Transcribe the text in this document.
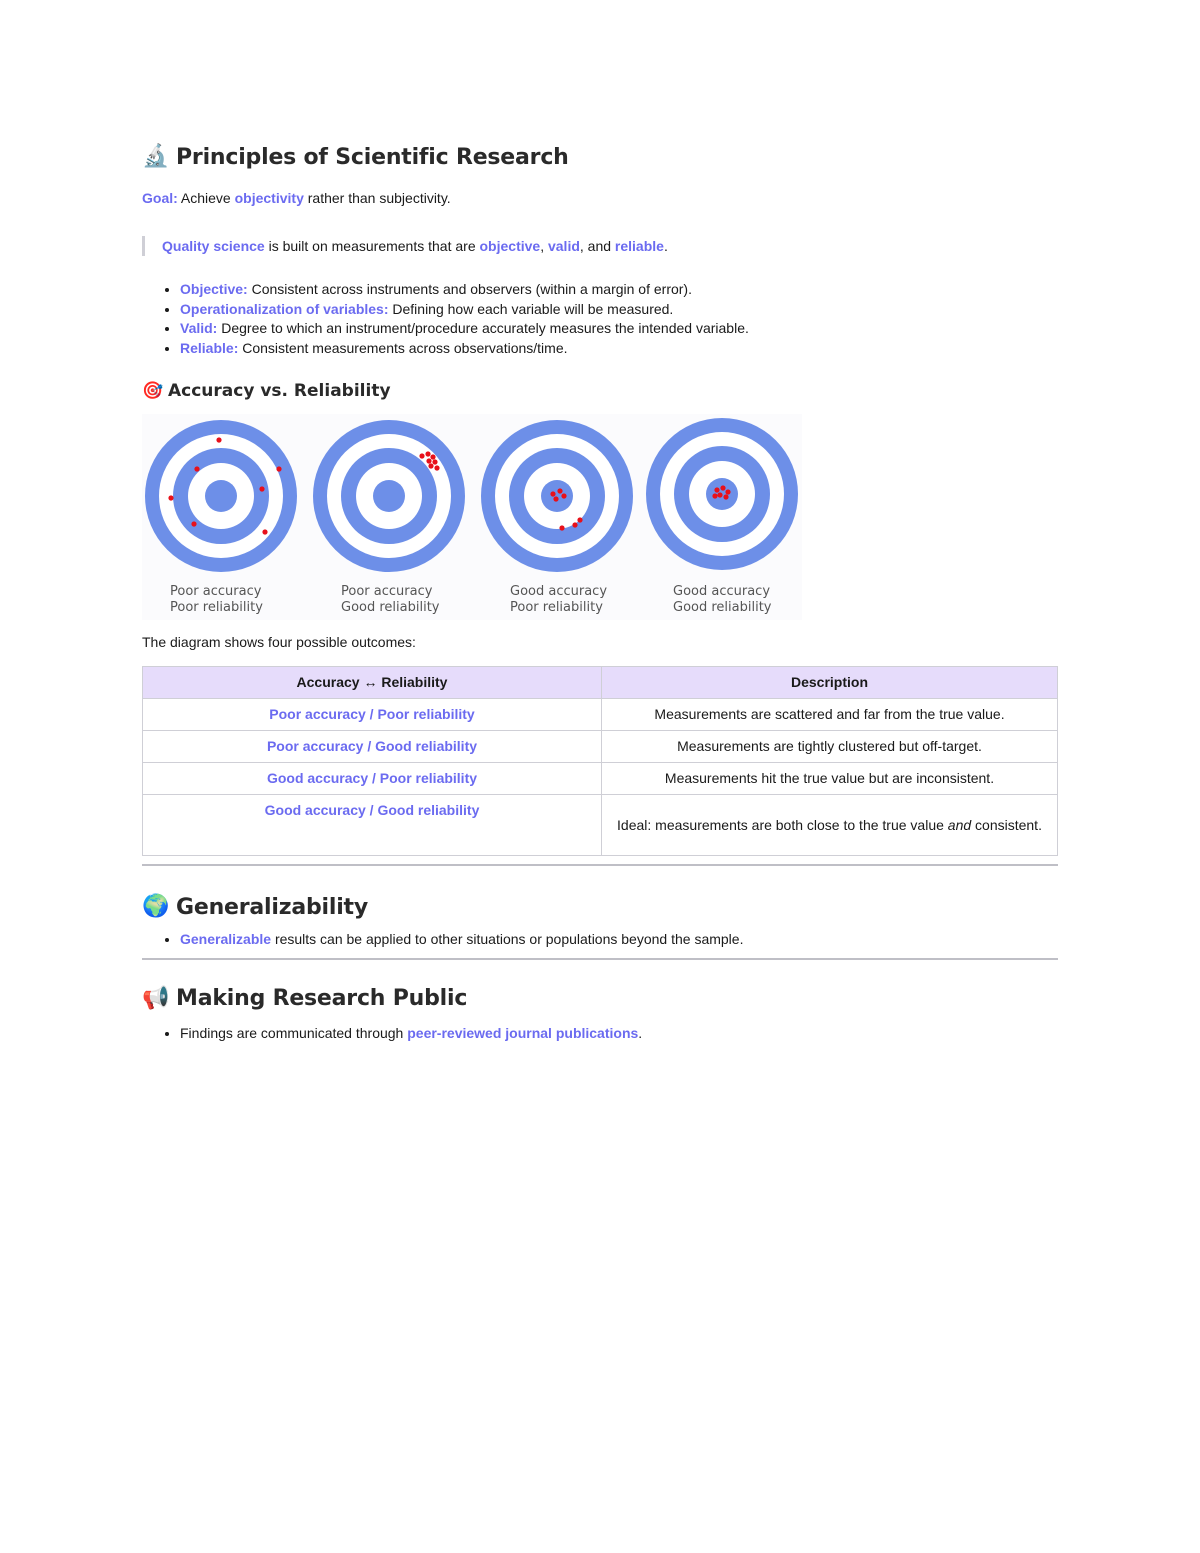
🔬 Principles of Scientific Research

Goal: Achieve objectivity rather than subjectivity.

Quality science is built on measurements that are objective, valid, and reliable.
• Objective: Consistent across instruments and observers (within a margin of error).
• Operationalization of variables: Defining how each variable will be measured.
• Valid: Degree to which an instrument/procedure accurately measures the intended variable.
• Reliable: Consistent measurements across observations/time.
🎯 Accuracy vs. Reliability
Poor accuracy
Poor reliability
Poor accuracy
Good reliability
Good accuracy
Poor reliability
Good accuracy
Good reliability

The diagram shows four possible outcomes:

Accuracy ↔ Reliability	Description
Poor accuracy / Poor reliability	Measurements are scattered and far from the true value.
Poor accuracy / Good reliability	Measurements are tightly clustered but off-target.
Good accuracy / Poor reliability	Measurements hit the true value but are inconsistent.
Good accuracy / Good reliability	Ideal: measurements are both close to the true value and consistent.
🌍 Generalizability
• Generalizable results can be applied to other situations or populations beyond the sample.
📢 Making Research Public
• Findings are communicated through peer-reviewed journal publications.
